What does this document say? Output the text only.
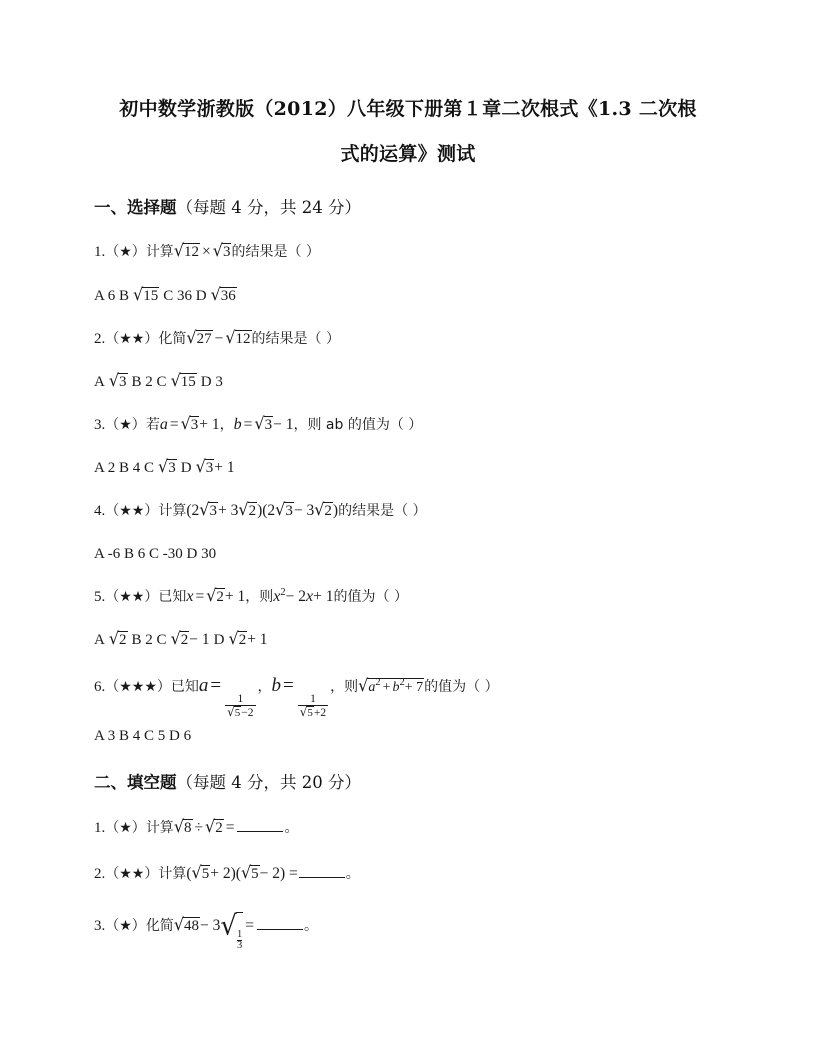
初中数学浙教版（2012）八年级下册第１章二次根式《1.3 二次根
式的运算》测试
一、选择题（每题 4 分，共 24 分）
1.（★）计算√12 × √3的结果是（ ）
A 6 B √15 C 36 D √36
2.（★★）化简√27 − √12的结果是（ ）
A √3 B 2 C √15 D 3
3.（★）若a = √3+ 1，b = √3− 1，则 ab 的值为（ ）
A 2 B 4 C √3 D √3+ 1
4.（★★）计算(2√3+ 3√2)(2√3− 3√2)的结果是（ ）
A -6 B 6 C -30 D 30
5.（★★）已知x = √2+ 1，则$x^2- 2x+ 1$的值为（ ）
A √2 B 2 C √2− 1 D √2+ 1
6.（★★★）已知a =
$\frac{1}{√5-2}$
，b =
$\frac{1}{√5+2}$
，则$√a^2 + b^2+ 7$的值为（ ）
A 3 B 4 C 5 D 6
二、填空题（每题 4 分，共 20 分）
1.（★）计算√8 ÷ √2 =	。
2.（★★）计算(√5+ 2)(√5− 2) =	。
3.（★）化简$√48- 3√ \frac{1}{3}$
=	。
